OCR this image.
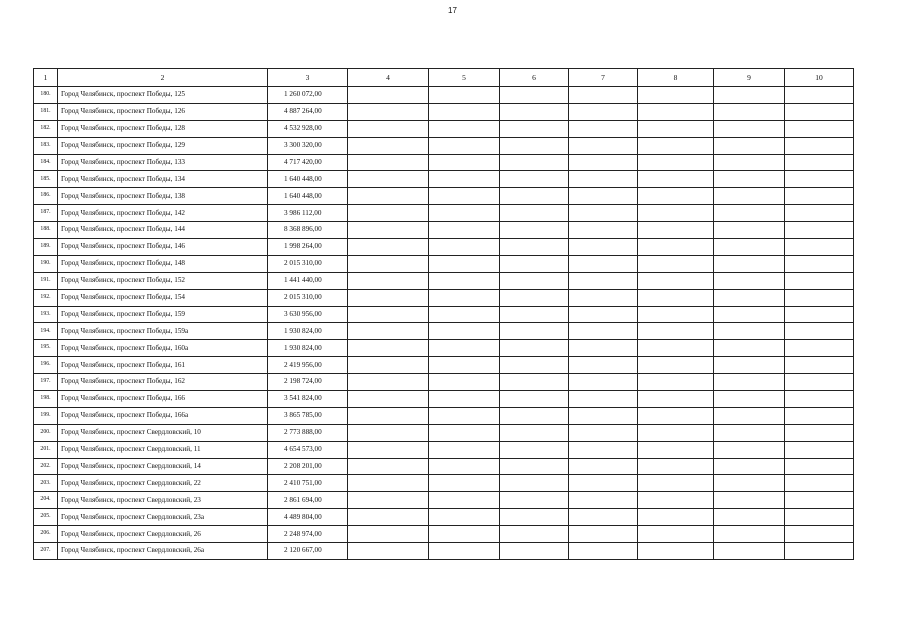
17
1	2	3	4	5	6	7	8	9	10
180.	Город Челябинск, проспект Победы, 125	1 260 072,00							
181.	Город Челябинск, проспект Победы, 126	4 887 264,00							
182.	Город Челябинск, проспект Победы, 128	4 532 928,00							
183.	Город Челябинск, проспект Победы, 129	3 300 320,00							
184.	Город Челябинск, проспект Победы, 133	4 717 420,00							
185.	Город Челябинск, проспект Победы, 134	1 640 448,00							
186.	Город Челябинск, проспект Победы, 138	1 640 448,00							
187.	Город Челябинск, проспект Победы, 142	3 986 112,00							
188.	Город Челябинск, проспект Победы, 144	8 368 896,00							
189.	Город Челябинск, проспект Победы, 146	1 998 264,00							
190.	Город Челябинск, проспект Победы, 148	2 015 310,00							
191.	Город Челябинск, проспект Победы, 152	1 441 440,00							
192.	Город Челябинск, проспект Победы, 154	2 015 310,00							
193.	Город Челябинск, проспект Победы, 159	3 630 956,00							
194.	Город Челябинск, проспект Победы, 159а	1 930 824,00							
195.	Город Челябинск, проспект Победы, 160а	1 930 824,00							
196.	Город Челябинск, проспект Победы, 161	2 419 956,00							
197.	Город Челябинск, проспект Победы, 162	2 198 724,00							
198.	Город Челябинск, проспект Победы, 166	3 541 824,00							
199.	Город Челябинск, проспект Победы, 166а	3 865 785,00							
200.	Город Челябинск, проспект Свердловский, 10	2 773 888,00							
201.	Город Челябинск, проспект Свердловский, 11	4 654 573,00							
202.	Город Челябинск, проспект Свердловский, 14	2 208 201,00							
203.	Город Челябинск, проспект Свердловский, 22	2 410 751,00							
204.	Город Челябинск, проспект Свердловский, 23	2 861 694,00							
205.	Город Челябинск, проспект Свердловский, 23а	4 489 804,00							
206.	Город Челябинск, проспект Свердловский, 26	2 248 974,00							
207.	Город Челябинск, проспект Свердловский, 26а	2 120 667,00							
